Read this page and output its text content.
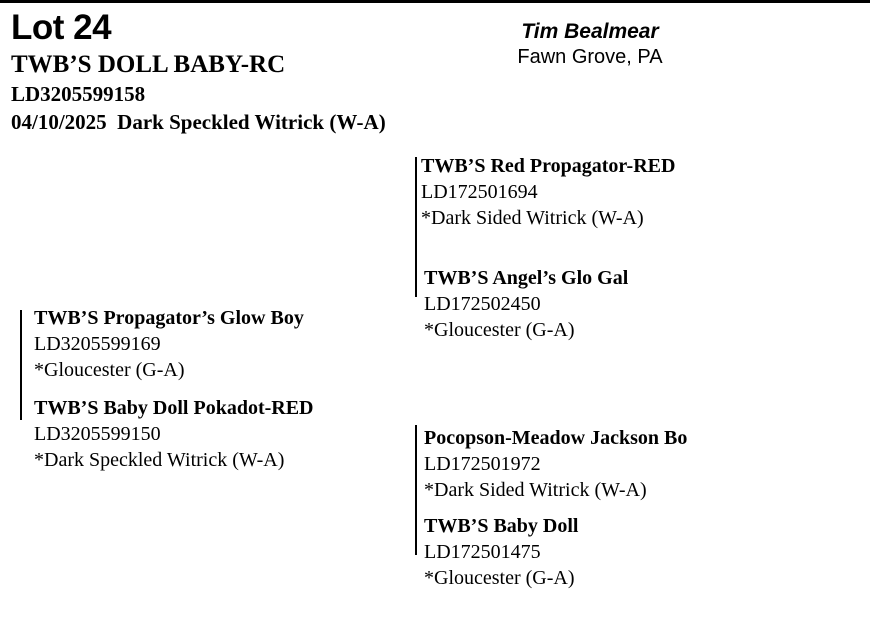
Lot 24
TWB’S DOLL BABY-RC
LD3205599158
04/10/2025  Dark Speckled Witrick (W-A)
Tim Bealmear
Fawn Grove, PA
TWB’S Propagator’s Glow Boy
LD3205599169
*Gloucester (G-A)
TWB’S Baby Doll Pokadot-RED
LD3205599150
*Dark Speckled Witrick (W-A)
TWB’S Red Propagator-RED
LD172501694
*Dark Sided Witrick (W-A)
TWB’S Angel’s Glo Gal
LD172502450
*Gloucester (G-A)
Pocopson-Meadow Jackson Bo
LD172501972
*Dark Sided Witrick (W-A)
TWB’S Baby Doll
LD172501475
*Gloucester (G-A)
